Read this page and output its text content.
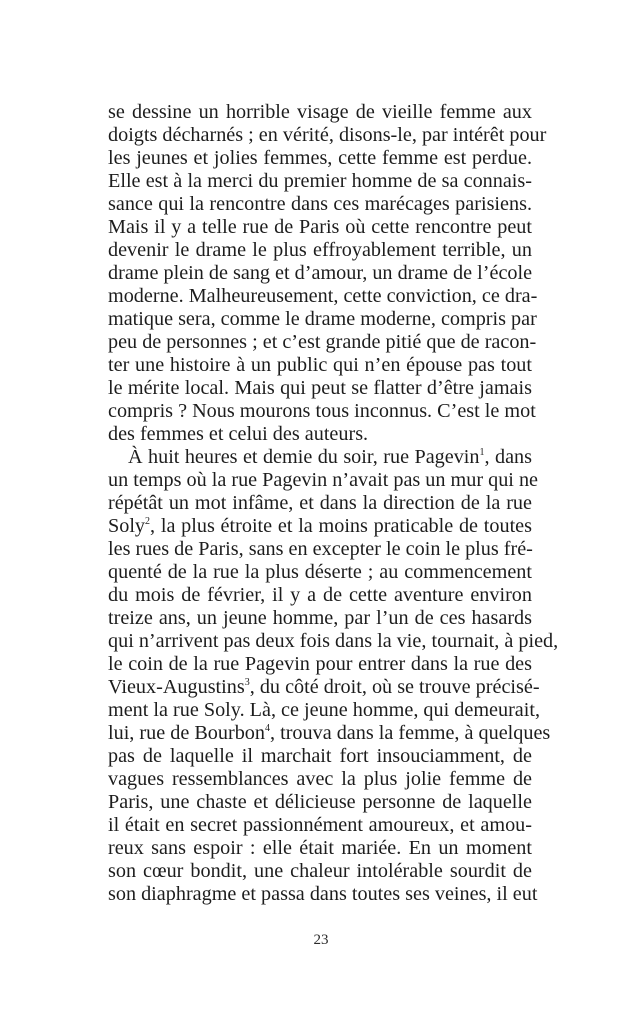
se dessine un horrible visage de vieille femme aux
doigts décharnés ; en vérité, disons-le, par intérêt pour
les jeunes et jolies femmes, cette femme est perdue.
Elle est à la merci du premier homme de sa connais-
sance qui la rencontre dans ces marécages parisiens.
Mais il y a telle rue de Paris où cette rencontre peut
devenir le drame le plus effroyablement terrible, un
drame plein de sang et d’amour, un drame de l’école
moderne. Malheureusement, cette conviction, ce dra-
matique sera, comme le drame moderne, compris par
peu de personnes ; et c’est grande pitié que de racon-
ter une histoire à un public qui n’en épouse pas tout
le mérite local. Mais qui peut se flatter d’être jamais
compris ? Nous mourons tous inconnus. C’est le mot
des femmes et celui des auteurs.
À huit heures et demie du soir, rue Pagevin$^1$, dans
un temps où la rue Pagevin n’avait pas un mur qui ne
répétât un mot infâme, et dans la direction de la rue
Soly$^2$, la plus étroite et la moins praticable de toutes
les rues de Paris, sans en excepter le coin le plus fré-
quenté de la rue la plus déserte ; au commencement
du mois de février, il y a de cette aventure environ
treize ans, un jeune homme, par l’un de ces hasards
qui n’arrivent pas deux fois dans la vie, tournait, à pied,
le coin de la rue Pagevin pour entrer dans la rue des
Vieux-Augustins$^3$, du côté droit, où se trouve précisé-
ment la rue Soly. Là, ce jeune homme, qui demeurait,
lui, rue de Bourbon$^4$, trouva dans la femme, à quelques
pas de laquelle il marchait fort insouciamment, de
vagues ressemblances avec la plus jolie femme de
Paris, une chaste et délicieuse personne de laquelle
il était en secret passionnément amoureux, et amou-
reux sans espoir : elle était mariée. En un moment
son cœur bondit, une chaleur intolérable sourdit de
son diaphragme et passa dans toutes ses veines, il eut
23
